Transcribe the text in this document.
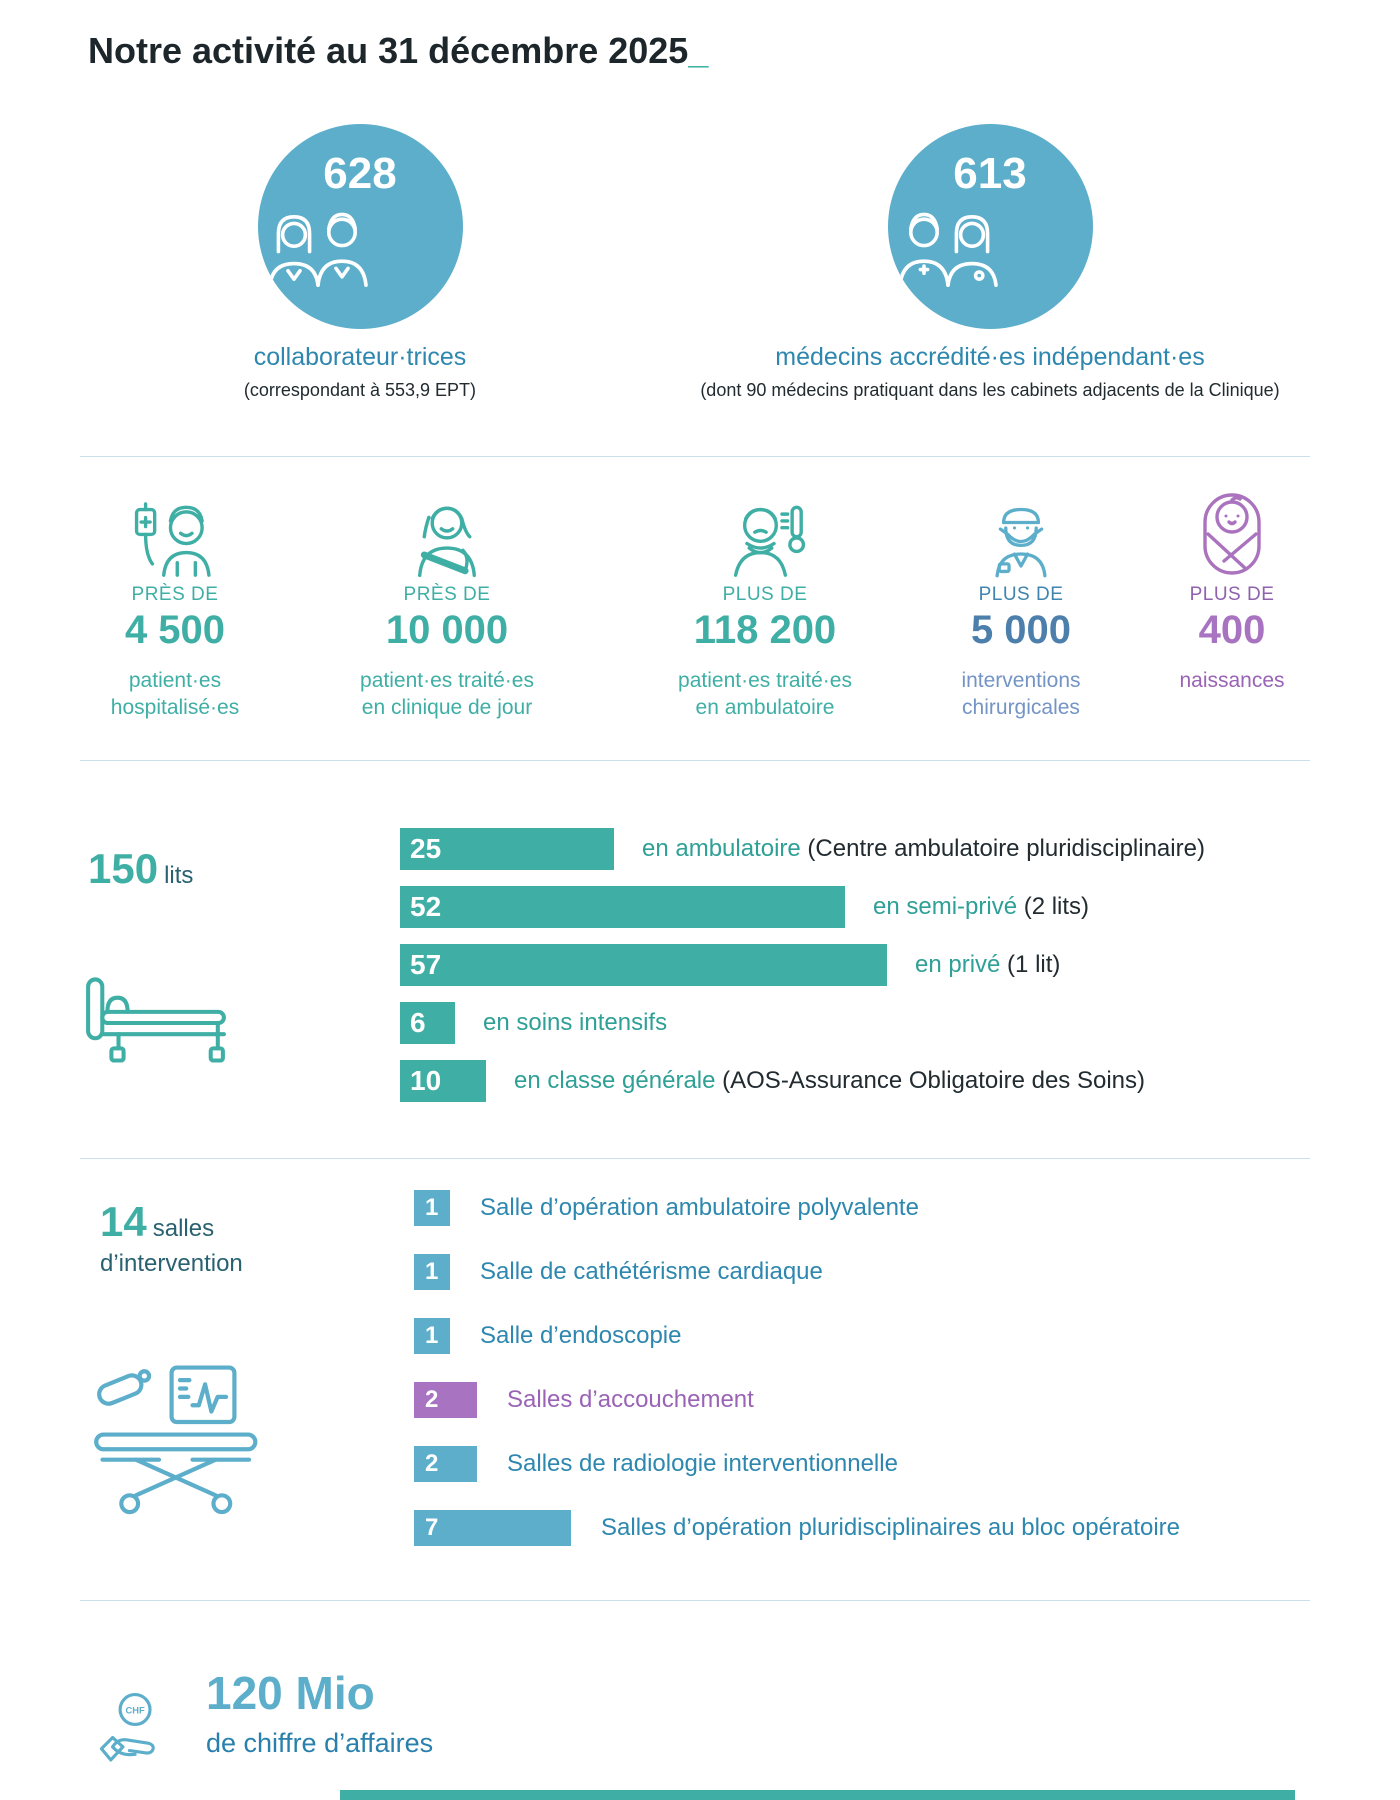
Notre activité au 31 décembre 2025_
628
collaborateur·trices
(correspondant à 553,9 EPT)
613
médecins accrédité·es indépendant·es
(dont 90 médecins pratiquant dans les cabinets adjacents de la Clinique)
PRÈS DE
4 500
patient·es
hospitalisé·es
PRÈS DE
10 000
patient·es traité·es
en clinique de jour
PLUS DE
118 200
patient·es traité·es
en ambulatoire
PLUS DE
5 000
interventions
chirurgicales
PLUS DE
400
naissances
150 lits
25	en ambulatoire (Centre ambulatoire pluridisciplinaire)
52	en semi-privé (2 lits)
57	en privé (1 lit)
6	en soins intensifs
10	en classe générale (AOS-Assurance Obligatoire des Soins)
14 salles
d’intervention
1	Salle d’opération ambulatoire polyvalente
1	Salle de cathétérisme cardiaque
1	Salle d’endoscopie
2	Salles d’accouchement
2	Salles de radiologie interventionnelle
7	Salles d’opération pluridisciplinaires au bloc opératoire
CHF 120 Mio
de chiffre d’affaires
